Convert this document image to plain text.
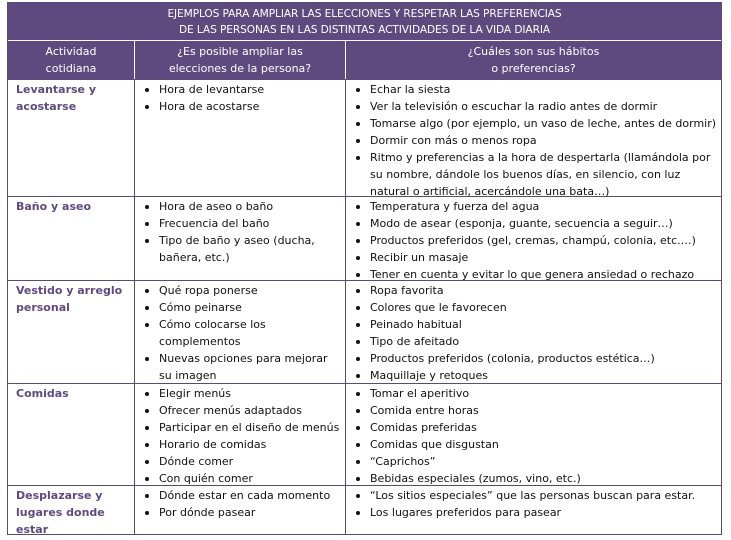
EJEMPLOS PARA AMPLIAR LAS ELECCIONES Y RESPETAR LAS PREFERENCIAS
DE LAS PERSONAS EN LAS DISTINTAS ACTIVIDADES DE LA VIDA DIARIA
Actividad
cotidiana
¿Es posible ampliar las
elecciones de la persona?
¿Cuáles son sus hábitos
o preferencias?
Levantarse y acostarse
Hora de levantarse
Hora de acostarse
Echar la siesta
Ver la televisión o escuchar la radio antes de dormir
Tomarse algo (por ejemplo, un vaso de leche, antes de dormir)
Dormir con más o menos ropa
Ritmo y preferencias a la hora de despertarla (llamándola por su nombre, dándole los buenos días, en silencio, con luz natural o artificial, acercándole una bata…)
Baño y aseo	Hora de aseo o baño
Frecuencia del baño
Tipo de baño y aseo (ducha, bañera, etc.)
Temperatura y fuerza del agua
Modo de asear (esponja, guante, secuencia a seguir…)
Productos preferidos (gel, cremas, champú, colonia, etc.…)
Recibir un masaje
Tener en cuenta y evitar lo que genera ansiedad o rechazo
Vestido y arreglo personal
Qué ropa ponerse
Cómo peinarse
Cómo colocarse los complementos
Nuevas opciones para mejorar su imagen
Ropa favorita
Colores que le favorecen
Peinado habitual
Tipo de afeitado
Productos preferidos (colonia, productos estética…)
Maquillaje y retoques
Comidas	Elegir menús
Ofrecer menús adaptados
Participar en el diseño de menús
Horario de comidas
Dónde comer
Con quién comer
Tomar el aperitivo
Comida entre horas
Comidas preferidas
Comidas que disgustan
“Caprichos”
Bebidas especiales (zumos, vino, etc.)
Desplazarse y lugares donde estar
Dónde estar en cada momento
Por dónde pasear
“Los sitios especiales” que las personas buscan para estar.
Los lugares preferidos para pasear
